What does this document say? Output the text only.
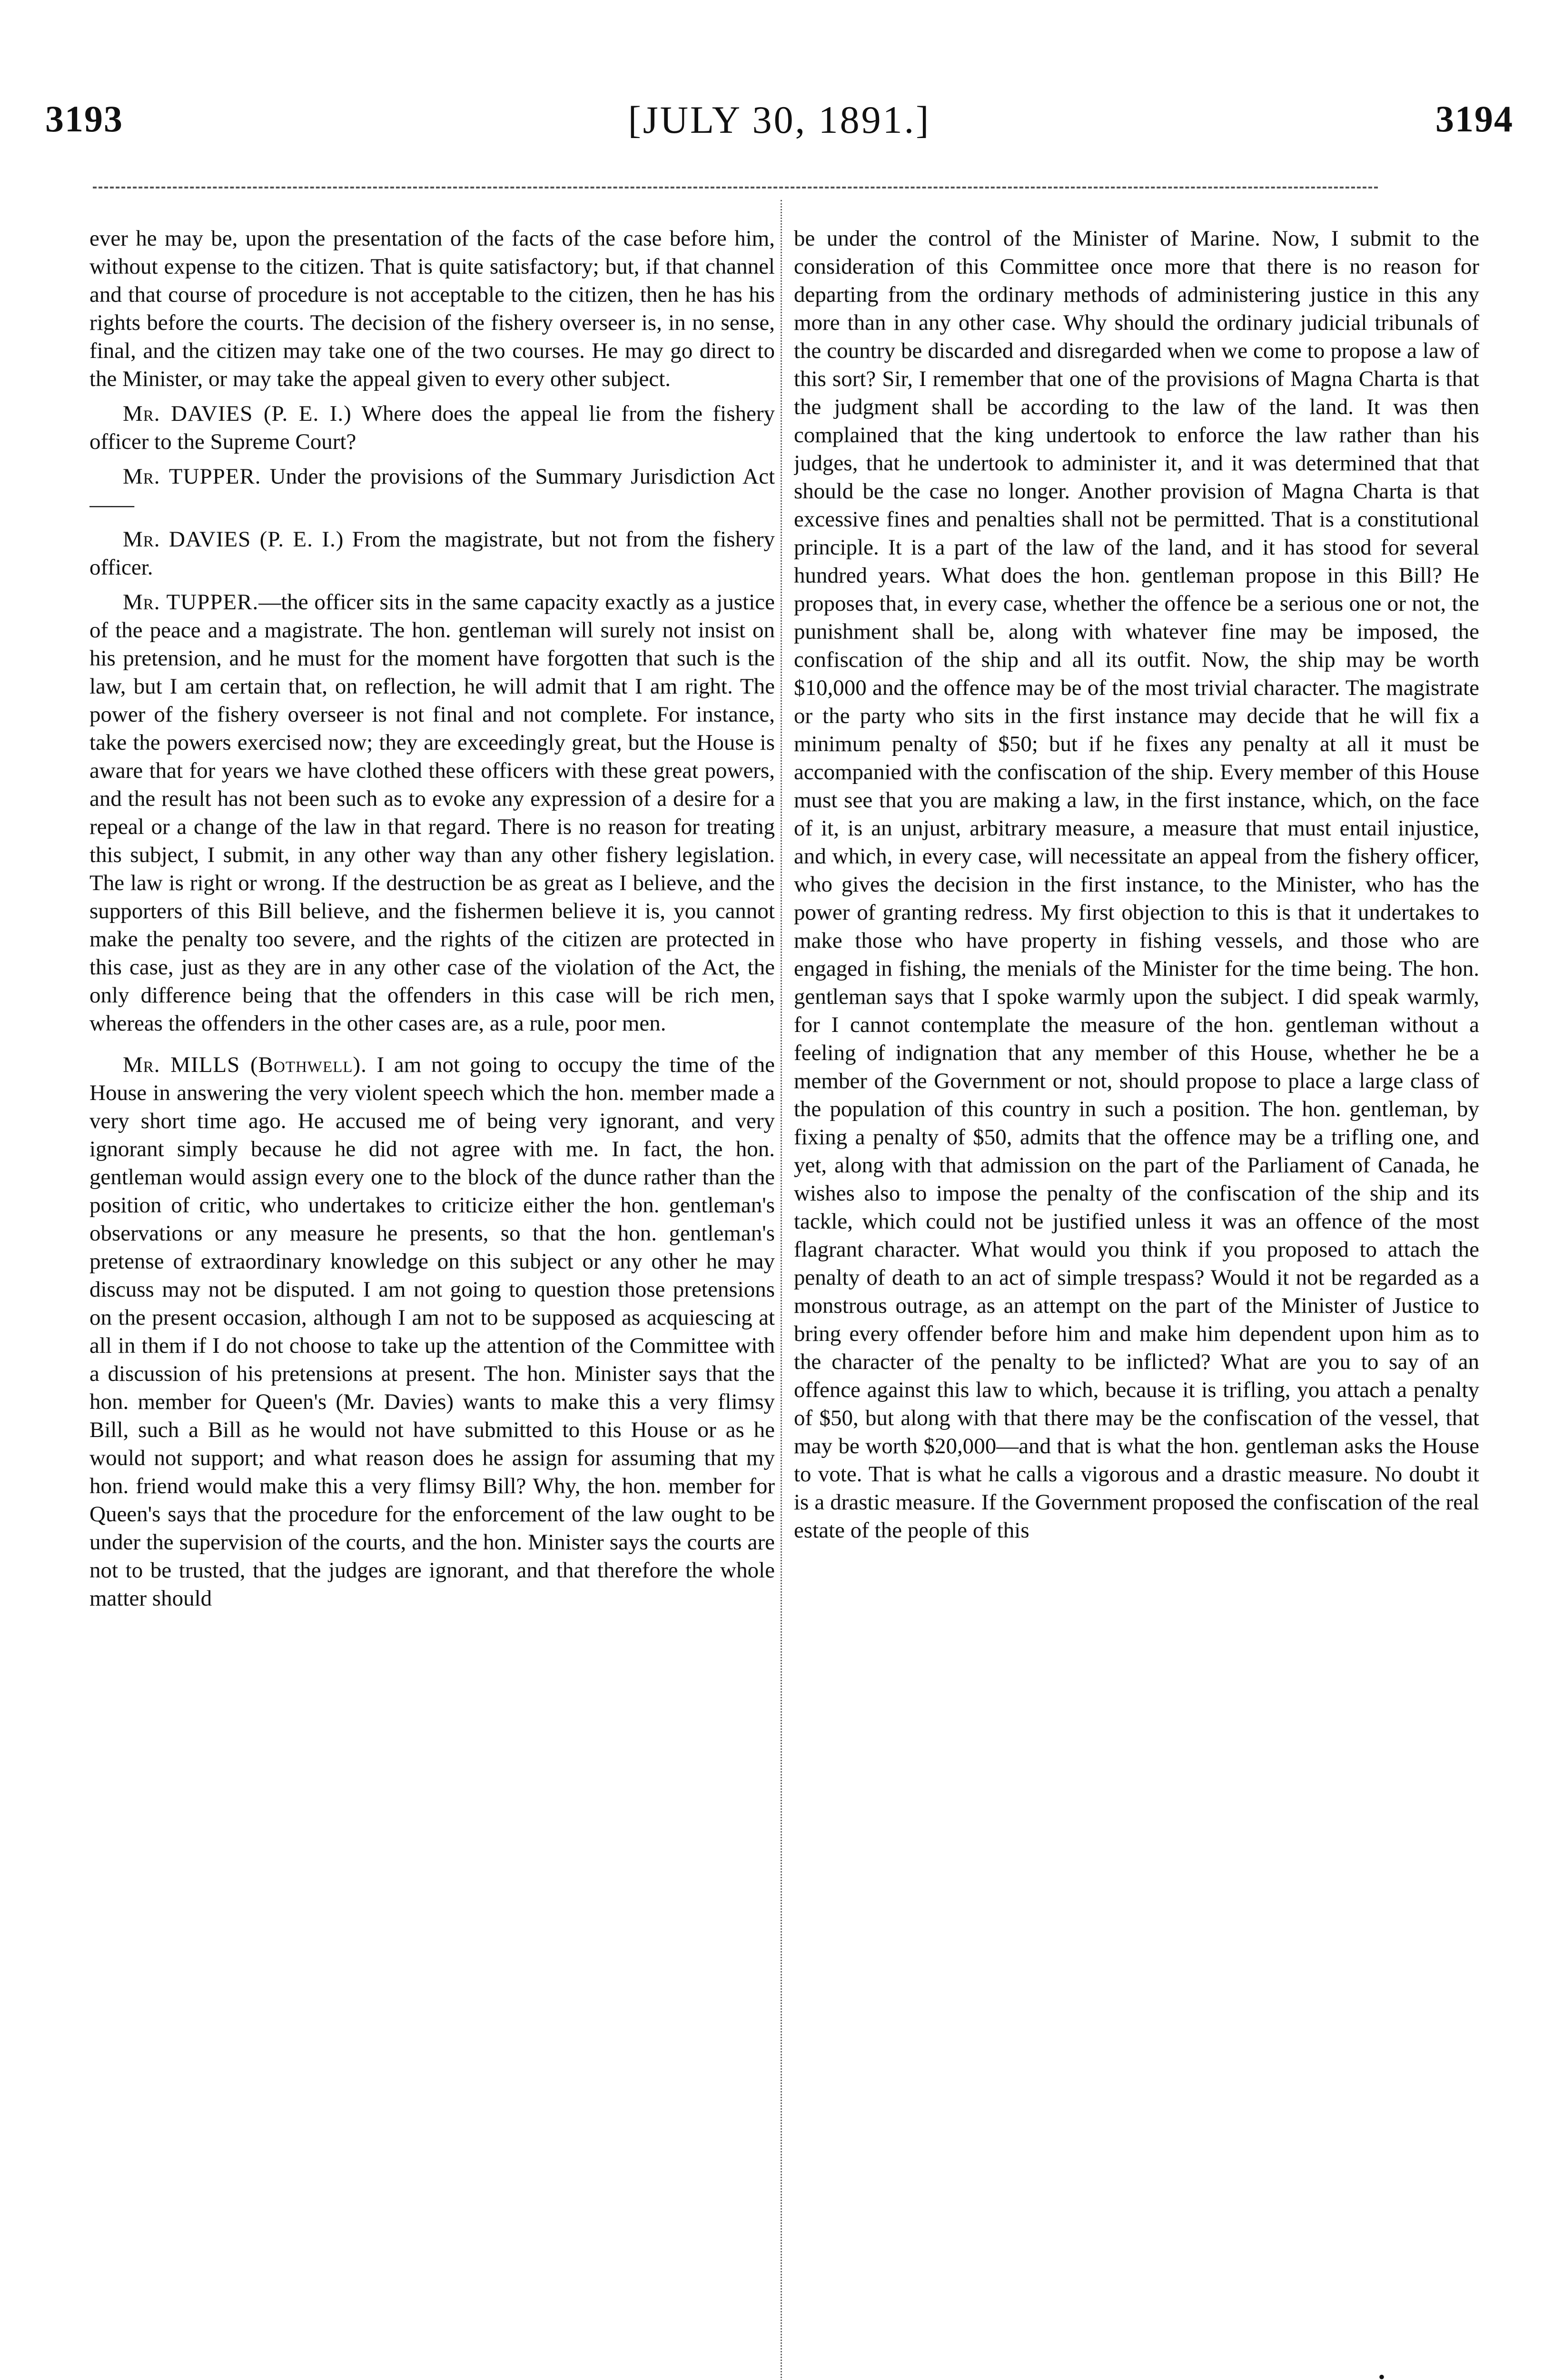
3193	[JULY 30, 1891.]	3194

ever he may be, upon the presentation of the facts of the case before him, without expense to the citizen. That is quite satisfactory; but, if that channel and that course of procedure is not acceptable to the citizen, then he has his rights before the courts. The decision of the fishery overseer is, in no sense, final, and the citizen may take one of the two courses. He may go direct to the Minister, or may take the appeal given to every other subject.

Mr. DAVIES (P. E. I.) Where does the appeal lie from the fishery officer to the Supreme Court?

Mr. TUPPER. Under the provisions of the Summary Jurisdiction Act——

Mr. DAVIES (P. E. I.) From the magistrate, but not from the fishery officer.

Mr. TUPPER.—the officer sits in the same capacity exactly as a justice of the peace and a magistrate. The hon. gentleman will surely not insist on his pretension, and he must for the moment have forgotten that such is the law, but I am certain that, on reflection, he will admit that I am right. The power of the fishery overseer is not final and not complete. For instance, take the powers exercised now; they are exceedingly great, but the House is aware that for years we have clothed these officers with these great powers, and the result has not been such as to evoke any expression of a desire for a repeal or a change of the law in that regard. There is no reason for treating this subject, I submit, in any other way than any other fishery legislation. The law is right or wrong. If the destruction be as great as I believe, and the supporters of this Bill believe, and the fishermen believe it is, you cannot make the penalty too severe, and the rights of the citizen are protected in this case, just as they are in any other case of the violation of the Act, the only difference being that the offenders in this case will be rich men, whereas the offenders in the other cases are, as a rule, poor men.

Mr. MILLS (Bothwell). I am not going to occupy the time of the House in answering the very violent speech which the hon. member made a very short time ago. He accused me of being very ignorant, and very ignorant simply because he did not agree with me. In fact, the hon. gentleman would assign every one to the block of the dunce rather than the position of critic, who undertakes to criticize either the hon. gentleman's observations or any measure he presents, so that the hon. gentleman's pretense of extraordinary knowledge on this subject or any other he may discuss may not be disputed. I am not going to question those pretensions on the present occasion, although I am not to be supposed as acquiescing at all in them if I do not choose to take up the attention of the Committee with a discussion of his pretensions at present. The hon. Minister says that the hon. member for Queen's (Mr. Davies) wants to make this a very flimsy Bill, such a Bill as he would not have submitted to this House or as he would not support; and what reason does he assign for assuming that my hon. friend would make this a very flimsy Bill? Why, the hon. member for Queen's says that the procedure for the enforcement of the law ought to be under the supervision of the courts, and the hon. Minister says the courts are not to be trusted, that the judges are ignorant, and that therefore the whole matter should

be under the control of the Minister of Marine. Now, I submit to the consideration of this Committee once more that there is no reason for departing from the ordinary methods of administering justice in this any more than in any other case. Why should the ordinary judicial tribunals of the country be discarded and disregarded when we come to propose a law of this sort? Sir, I remember that one of the provisions of Magna Charta is that the judgment shall be according to the law of the land. It was then complained that the king undertook to enforce the law rather than his judges, that he undertook to administer it, and it was determined that that should be the case no longer. Another provision of Magna Charta is that excessive fines and penalties shall not be permitted. That is a constitutional principle. It is a part of the law of the land, and it has stood for several hundred years. What does the hon. gentleman propose in this Bill? He proposes that, in every case, whether the offence be a serious one or not, the punishment shall be, along with whatever fine may be imposed, the confiscation of the ship and all its outfit. Now, the ship may be worth $10,000 and the offence may be of the most trivial character. The magistrate or the party who sits in the first instance may decide that he will fix a minimum penalty of $50; but if he fixes any penalty at all it must be accompanied with the confiscation of the ship. Every member of this House must see that you are making a law, in the first instance, which, on the face of it, is an unjust, arbitrary measure, a measure that must entail injustice, and which, in every case, will necessitate an appeal from the fishery officer, who gives the decision in the first instance, to the Minister, who has the power of granting redress. My first objection to this is that it undertakes to make those who have property in fishing vessels, and those who are engaged in fishing, the menials of the Minister for the time being. The hon. gentleman says that I spoke warmly upon the subject. I did speak warmly, for I cannot contemplate the measure of the hon. gentleman without a feeling of indignation that any member of this House, whether he be a member of the Government or not, should propose to place a large class of the population of this country in such a position. The hon. gentleman, by fixing a penalty of $50, admits that the offence may be a trifling one, and yet, along with that admission on the part of the Parliament of Canada, he wishes also to impose the penalty of the confiscation of the ship and its tackle, which could not be justified unless it was an offence of the most flagrant character. What would you think if you proposed to attach the penalty of death to an act of simple trespass? Would it not be regarded as a monstrous outrage, as an attempt on the part of the Minister of Justice to bring every offender before him and make him dependent upon him as to the character of the penalty to be inflicted? What are you to say of an offence against this law to which, because it is trifling, you attach a penalty of $50, but along with that there may be the confiscation of the vessel, that may be worth $20,000—and that is what the hon. gentleman asks the House to vote. That is what he calls a vigorous and a drastic measure. No doubt it is a drastic measure. If the Government proposed the confiscation of the real estate of the people of this

•
